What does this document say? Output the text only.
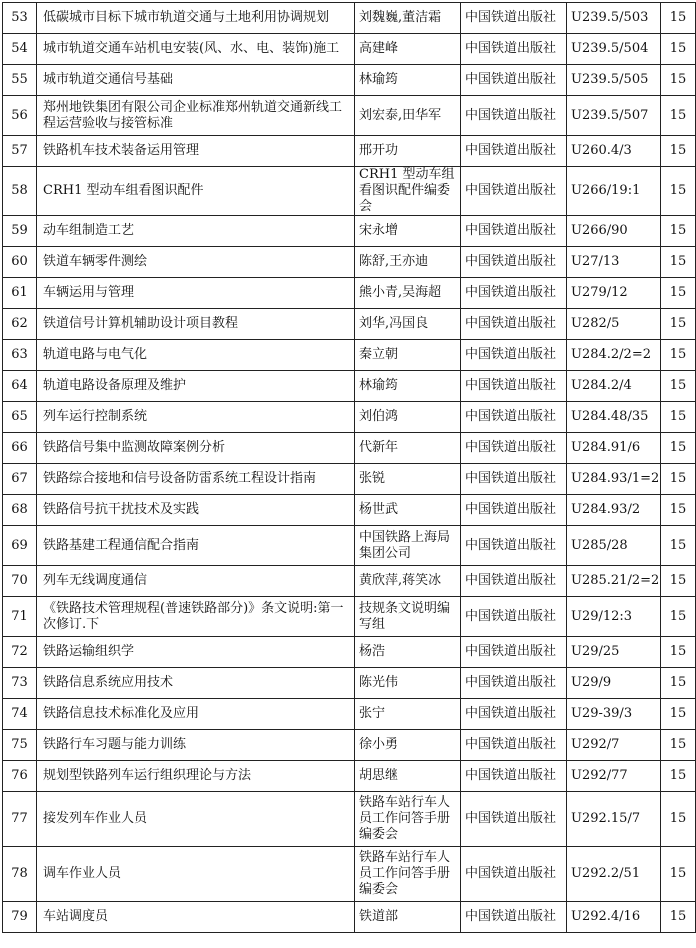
53	低碳城市目标下城市轨道交通与土地利用协调规划	刘魏巍,董洁霜	中国铁道出版社	U239.5/503	15
54	城市轨道交通车站机电安装(风、水、电、装饰)施工	高建峰	中国铁道出版社	U239.5/504	15
55	城市轨道交通信号基础	林瑜筠	中国铁道出版社	U239.5/505	15
56	郑州地铁集团有限公司企业标准郑州轨道交通新线工程运营验收与接管标准	刘宏泰,田华军	中国铁道出版社	U239.5/507	15
57	铁路机车技术装备运用管理	邢开功	中国铁道出版社	U260.4/3	15
58	CRH1 型动车组看图识配件	CRH1 型动车组看图识配件编委会	中国铁道出版社	U266/19:1	15
59	动车组制造工艺	宋永增	中国铁道出版社	U266/90	15
60	铁道车辆零件测绘	陈舒,王亦迪	中国铁道出版社	U27/13	15
61	车辆运用与管理	熊小青,吴海超	中国铁道出版社	U279/12	15
62	铁道信号计算机辅助设计项目教程	刘华,冯国良	中国铁道出版社	U282/5	15
63	轨道电路与电气化	秦立朝	中国铁道出版社	U284.2/2=2	15
64	轨道电路设备原理及维护	林瑜筠	中国铁道出版社	U284.2/4	15
65	列车运行控制系统	刘伯鸿	中国铁道出版社	U284.48/35	15
66	铁路信号集中监测故障案例分析	代新年	中国铁道出版社	U284.91/6	15
67	铁路综合接地和信号设备防雷系统工程设计指南	张锐	中国铁道出版社	U284.93/1=2	15
68	铁路信号抗干扰技术及实践	杨世武	中国铁道出版社	U284.93/2	15
69	铁路基建工程通信配合指南	中国铁路上海局集团公司	中国铁道出版社	U285/28	15
70	列车无线调度通信	黄欣萍,蒋笑冰	中国铁道出版社	U285.21/2=2	15
71	《铁路技术管理规程(普速铁路部分)》条文说明:第一次修订.下	技规条文说明编写组	中国铁道出版社	U29/12:3	15
72	铁路运输组织学	杨浩	中国铁道出版社	U29/25	15
73	铁路信息系统应用技术	陈光伟	中国铁道出版社	U29/9	15
74	铁路信息技术标准化及应用	张宁	中国铁道出版社	U29-39/3	15
75	铁路行车习题与能力训练	徐小勇	中国铁道出版社	U292/7	15
76	规划型铁路列车运行组织理论与方法	胡思继	中国铁道出版社	U292/77	15
77	接发列车作业人员	铁路车站行车人员工作问答手册编委会	中国铁道出版社	U292.15/7	15
78	调车作业人员	铁路车站行车人员工作问答手册编委会	中国铁道出版社	U292.2/51	15
79	车站调度员	铁道部	中国铁道出版社	U292.4/16	15
